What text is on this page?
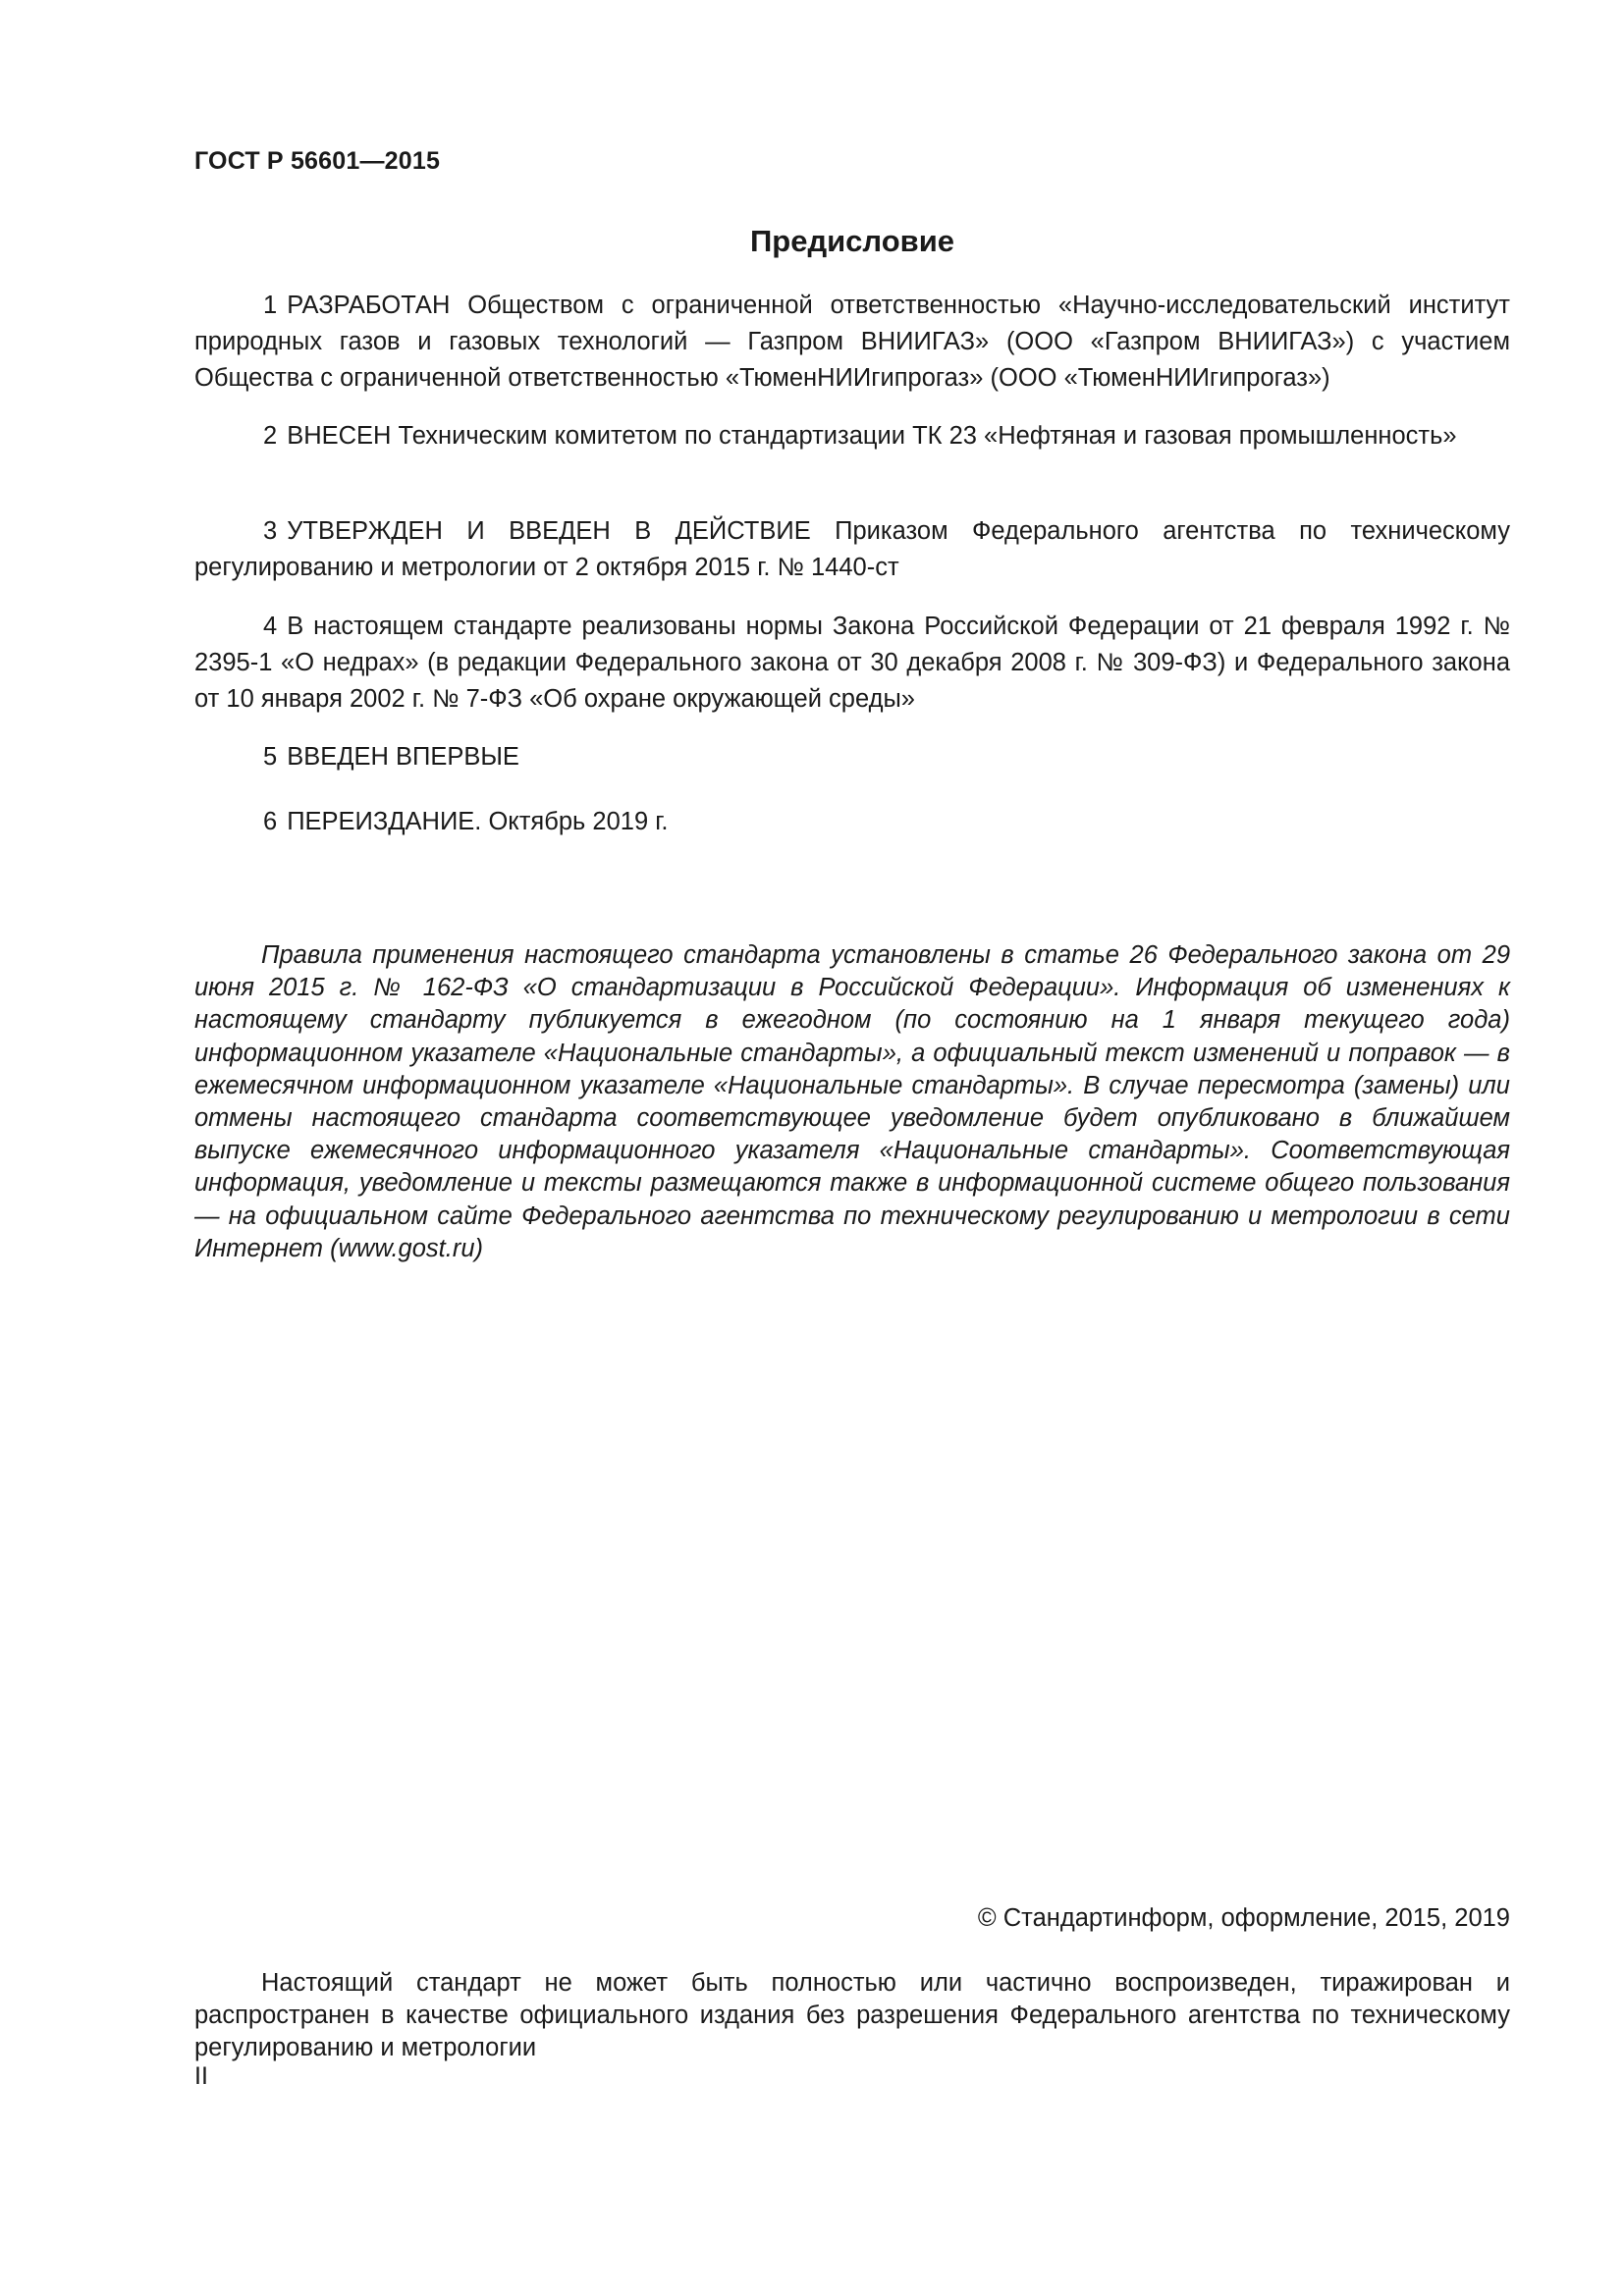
ГОСТ Р 56601—2015
Предисловие
1 РАЗРАБОТАН Обществом с ограниченной ответственностью «Научно-исследовательский институт природных газов и газовых технологий — Газпром ВНИИГАЗ» (ООО «Газпром ВНИИГАЗ») с участием Общества с ограниченной ответственностью «ТюменНИИгипрогаз» (ООО «ТюменНИИгипрогаз»)
2 ВНЕСЕН Техническим комитетом по стандартизации ТК 23 «Нефтяная и газовая промышленность»
3 УТВЕРЖДЕН И ВВЕДЕН В ДЕЙСТВИЕ Приказом Федерального агентства по техническому регулированию и метрологии от 2 октября 2015 г. № 1440-ст
4 В настоящем стандарте реализованы нормы Закона Российской Федерации от 21 февраля 1992 г. № 2395-1 «О недрах» (в редакции Федерального закона от 30 декабря 2008 г. № 309-ФЗ) и Федерального закона от 10 января 2002 г. № 7-ФЗ «Об охране окружающей среды»
5 ВВЕДЕН ВПЕРВЫЕ
6 ПЕРЕИЗДАНИЕ. Октябрь 2019 г.
Правила применения настоящего стандарта установлены в статье 26 Федерального закона от 29 июня 2015 г. № 162-ФЗ «О стандартизации в Российской Федерации». Информация об изменениях к настоящему стандарту публикуется в ежегодном (по состоянию на 1 января текущего года) информационном указателе «Национальные стандарты», а официальный текст изменений и поправок — в ежемесячном информационном указателе «Национальные стандарты». В случае пересмотра (замены) или отмены настоящего стандарта соответствующее уведомление будет опубликовано в ближайшем выпуске ежемесячного информационного указателя «Национальные стандарты». Соответствующая информация, уведомление и тексты размещаются также в информационной системе общего пользования — на официальном сайте Федерального агентства по техническому регулированию и метрологии в сети Интернет (www.gost.ru)
© Стандартинформ, оформление, 2015, 2019
Настоящий стандарт не может быть полностью или частично воспроизведен, тиражирован и распространен в качестве официального издания без разрешения Федерального агентства по техническому регулированию и метрологии
II
